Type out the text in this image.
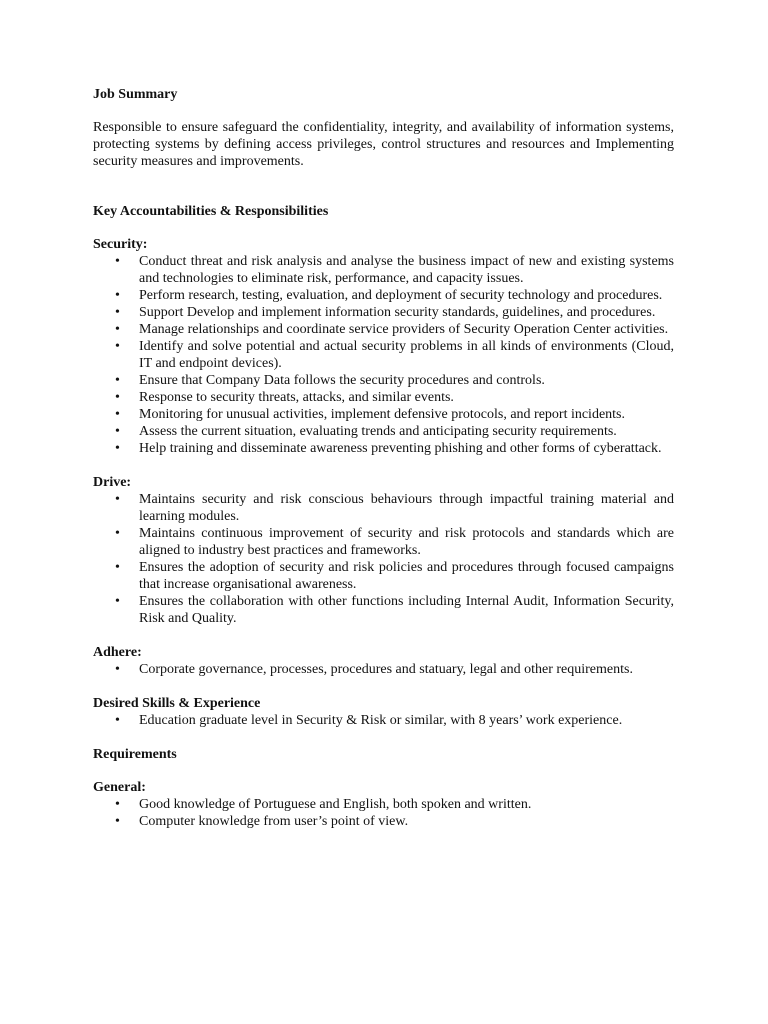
Job Summary

Responsible to ensure safeguard the confidentiality, integrity, and availability of information systems, protecting systems by defining access privileges, control structures and resources and Implementing security measures and improvements.

Key Accountabilities & Responsibilities
Security:
• Conduct threat and risk analysis and analyse the business impact of new and existing systems and technologies to eliminate risk, performance, and capacity issues.
• Perform research, testing, evaluation, and deployment of security technology and procedures.
• Support Develop and implement information security standards, guidelines, and procedures.
• Manage relationships and coordinate service providers of Security Operation Center activities.
• Identify and solve potential and actual security problems in all kinds of environments (Cloud, IT and endpoint devices).
• Ensure that Company Data follows the security procedures and controls.
• Response to security threats, attacks, and similar events.
• Monitoring for unusual activities, implement defensive protocols, and report incidents.
• Assess the current situation, evaluating trends and anticipating security requirements.
• Help training and disseminate awareness preventing phishing and other forms of cyberattack.
Drive:
• Maintains security and risk conscious behaviours through impactful training material and learning modules.
• Maintains continuous improvement of security and risk protocols and standards which are aligned to industry best practices and frameworks.
• Ensures the adoption of security and risk policies and procedures through focused campaigns that increase organisational awareness.
• Ensures the collaboration with other functions including Internal Audit, Information Security, Risk and Quality.
Adhere:
• Corporate governance, processes, procedures and statuary, legal and other requirements.
Desired Skills & Experience
• Education graduate level in Security & Risk or similar, with 8 years’ work experience.
Requirements
General:
• Good knowledge of Portuguese and English, both spoken and written.
• Computer knowledge from user’s point of view.
